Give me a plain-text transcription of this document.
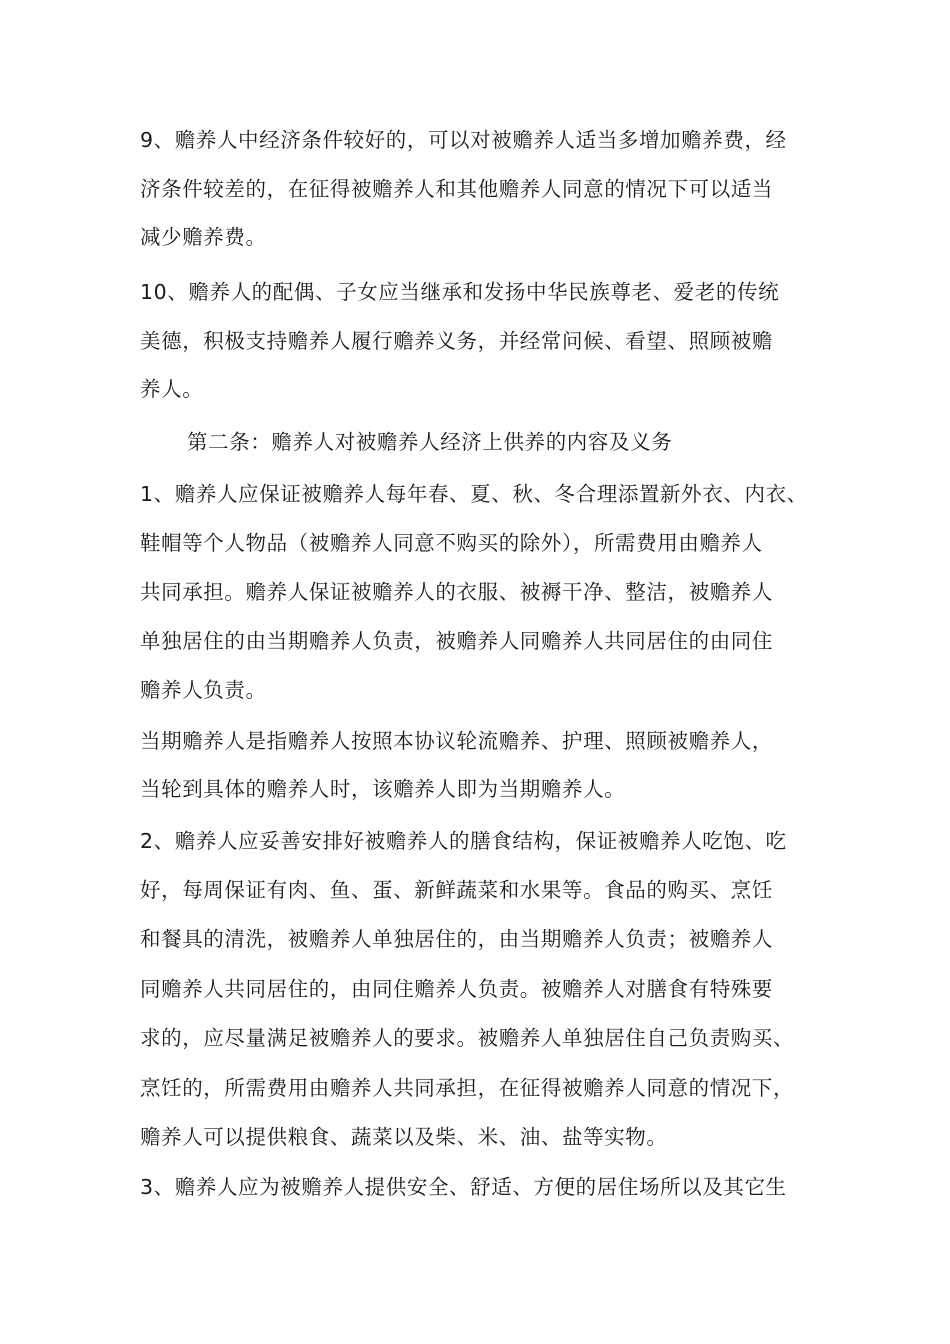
9、赡养人中经济条件较好的，可以对被赡养人适当多增加赡养费，经

济条件较差的，在征得被赡养人和其他赡养人同意的情况下可以适当

减少赡养费。

10、赡养人的配偶、子女应当继承和发扬中华民族尊老、爱老的传统

美德，积极支持赡养人履行赡养义务，并经常问候、看望、照顾被赡

养人。

第二条：赡养人对被赡养人经济上供养的内容及义务

1、赡养人应保证被赡养人每年春、夏、秋、冬合理添置新外衣、内衣、

鞋帽等个人物品（被赡养人同意不购买的除外），所需费用由赡养人

共同承担。赡养人保证被赡养人的衣服、被褥干净、整洁，被赡养人

单独居住的由当期赡养人负责，被赡养人同赡养人共同居住的由同住

赡养人负责。

当期赡养人是指赡养人按照本协议轮流赡养、护理、照顾被赡养人，

当轮到具体的赡养人时，该赡养人即为当期赡养人。

2、赡养人应妥善安排好被赡养人的膳食结构，保证被赡养人吃饱、吃

好，每周保证有肉、鱼、蛋、新鲜蔬菜和水果等。食品的购买、烹饪

和餐具的清洗，被赡养人单独居住的，由当期赡养人负责；被赡养人

同赡养人共同居住的，由同住赡养人负责。被赡养人对膳食有特殊要

求的，应尽量满足被赡养人的要求。被赡养人单独居住自己负责购买、

烹饪的，所需费用由赡养人共同承担，在征得被赡养人同意的情况下，

赡养人可以提供粮食、蔬菜以及柴、米、油、盐等实物。

3、赡养人应为被赡养人提供安全、舒适、方便的居住场所以及其它生
